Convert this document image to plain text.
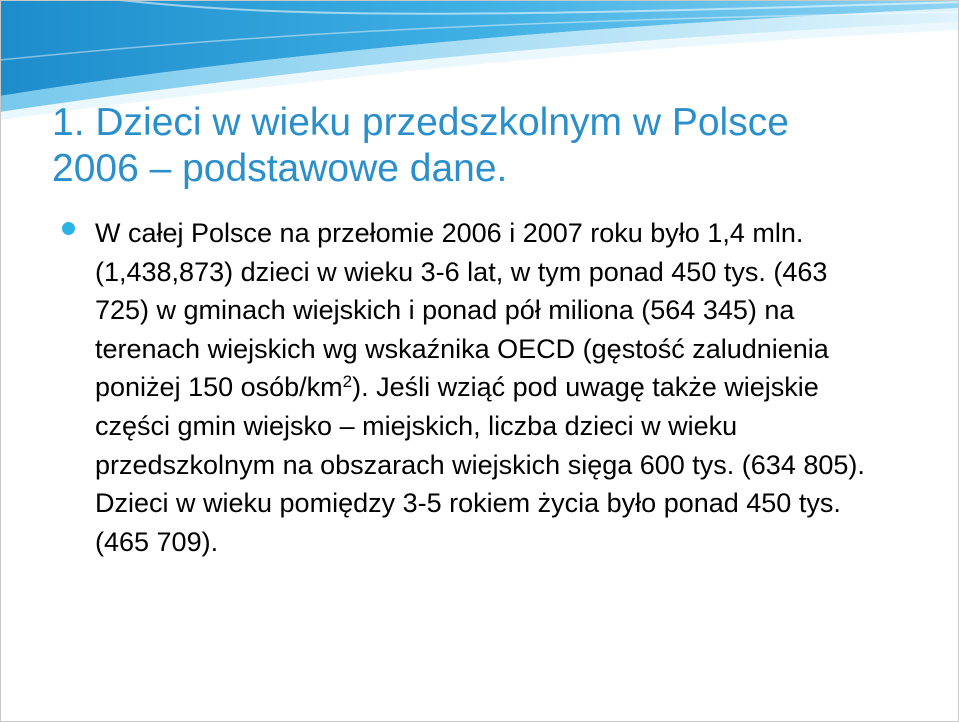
1. Dzieci w wieku przedszkolnym w Polsce
2006 – podstawowe dane.

W całej Polsce na przełomie 2006 i 2007 roku było 1,4 mln. (1,438,873) dzieci w wieku 3-6 lat, w tym ponad 450 tys. (463 725) w gminach wiejskich i ponad pół miliona (564 345) na terenach wiejskich wg wskaźnika OECD (gęstość zaludnienia poniżej 150 osób/$km^2$). Jeśli wziąć pod uwagę także wiejskie części gmin wiejsko – miejskich, liczba dzieci w wieku przedszkolnym na obszarach wiejskich sięga 600 tys. (634 805). Dzieci w wieku pomiędzy 3-5 rokiem życia było ponad 450 tys. (465 709).
